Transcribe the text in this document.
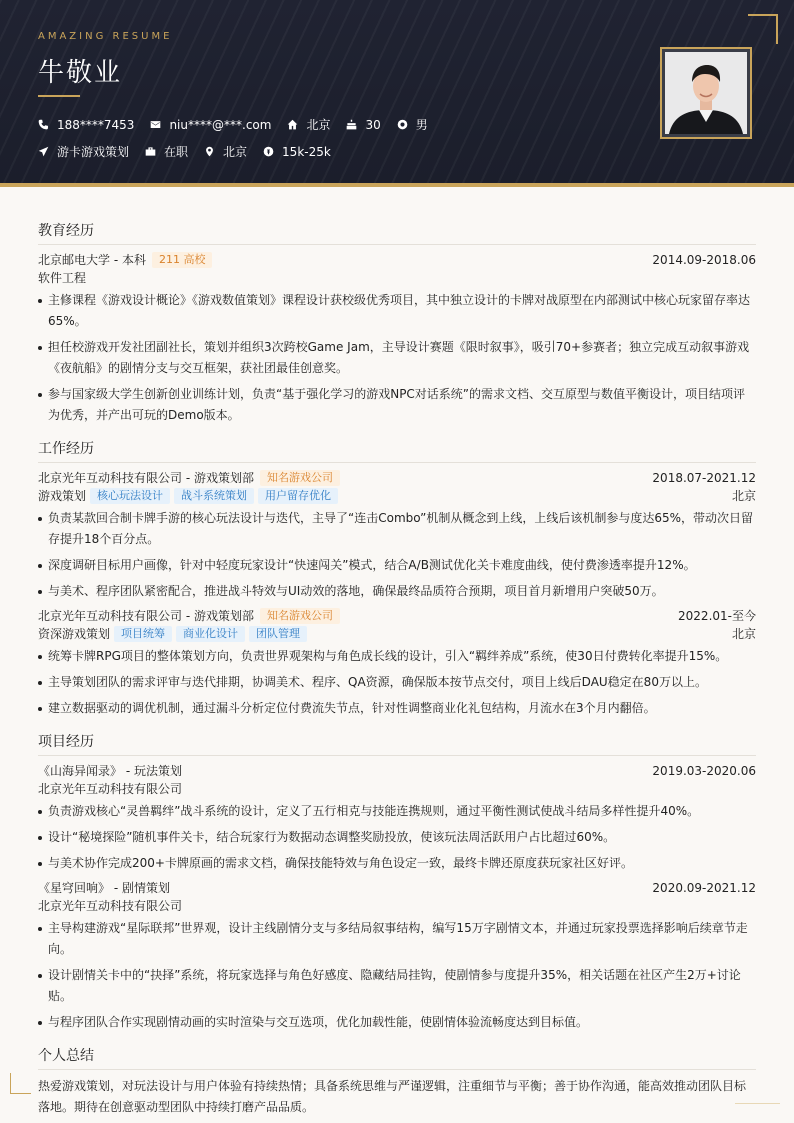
AMAZING RESUME
牛敬业
188****7453	niu****@***.com	北京	30	男
游卡游戏策划	在职	北京	15k-25k
教育经历
北京邮电大学 - 本科	211 高校	2014.09-2018.06
软件工程
主修课程《游戏设计概论》《游戏数值策划》课程设计获校级优秀项目，其中独立设计的卡牌对战原型在内部测试中核心玩家留存率达65%。
担任校游戏开发社团副社长，策划并组织3次跨校Game Jam，主导设计赛题《限时叙事》，吸引70+参赛者；独立完成互动叙事游戏《夜航船》的剧情分支与交互框架，获社团最佳创意奖。
参与国家级大学生创新创业训练计划，负责“基于强化学习的游戏NPC对话系统”的需求文档、交互原型与数值平衡设计，项目结项评为优秀，并产出可玩的Demo版本。
工作经历
北京光年互动科技有限公司 - 游戏策划部	知名游戏公司	2018.07-2021.12
游戏策划	核心玩法设计	战斗系统策划	用户留存优化	北京
负责某款回合制卡牌手游的核心玩法设计与迭代，主导了“连击Combo”机制从概念到上线，上线后该机制参与度达65%，带动次日留存提升18个百分点。
深度调研目标用户画像，针对中轻度玩家设计“快速闯关”模式，结合A/B测试优化关卡难度曲线，使付费渗透率提升12%。
与美术、程序团队紧密配合，推进战斗特效与UI动效的落地，确保最终品质符合预期，项目首月新增用户突破50万。
北京光年互动科技有限公司 - 游戏策划部	知名游戏公司	2022.01-至今
资深游戏策划	项目统筹	商业化设计	团队管理	北京
统筹卡牌RPG项目的整体策划方向，负责世界观架构与角色成长线的设计，引入“羁绊养成”系统，使30日付费转化率提升15%。
主导策划团队的需求评审与迭代排期，协调美术、程序、QA资源，确保版本按节点交付，项目上线后DAU稳定在80万以上。
建立数据驱动的调优机制，通过漏斗分析定位付费流失节点，针对性调整商业化礼包结构，月流水在3个月内翻倍。
项目经历
《山海异闻录》 - 玩法策划	2019.03-2020.06
北京光年互动科技有限公司
负责游戏核心“灵兽羁绊”战斗系统的设计，定义了五行相克与技能连携规则，通过平衡性测试使战斗结局多样性提升40%。
设计“秘境探险”随机事件关卡，结合玩家行为数据动态调整奖励投放，使该玩法周活跃用户占比超过60%。
与美术协作完成200+卡牌原画的需求文档，确保技能特效与角色设定一致，最终卡牌还原度获玩家社区好评。
《星穹回响》 - 剧情策划	2020.09-2021.12
北京光年互动科技有限公司
主导构建游戏“星际联邦”世界观，设计主线剧情分支与多结局叙事结构，编写15万字剧情文本，并通过玩家投票选择影响后续章节走向。
设计剧情关卡中的“抉择”系统，将玩家选择与角色好感度、隐藏结局挂钩，使剧情参与度提升35%，相关话题在社区产生2万+讨论贴。
与程序团队合作实现剧情动画的实时渲染与交互选项，优化加载性能，使剧情体验流畅度达到目标值。
个人总结
热爱游戏策划，对玩法设计与用户体验有持续热情；具备系统思维与严谨逻辑，注重细节与平衡；善于协作沟通，能高效推动团队目标落地。期待在创意驱动型团队中持续打磨产品品质。
